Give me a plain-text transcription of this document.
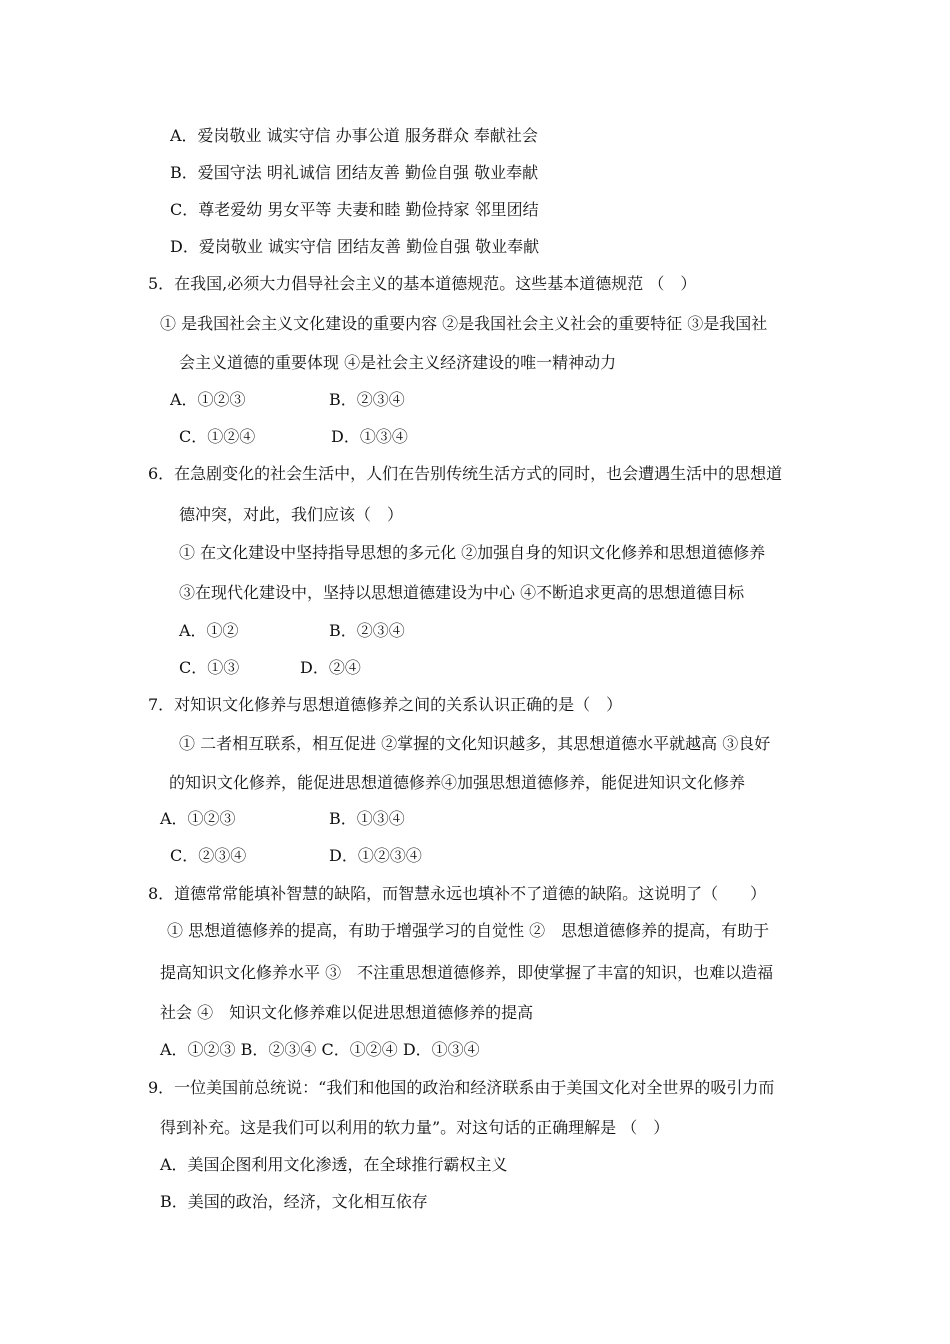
A．爱岗敬业 诚实守信 办事公道 服务群众 奉献社会
B．爱国守法 明礼诚信 团结友善 勤俭自强 敬业奉献
C．尊老爱幼 男女平等 夫妻和睦 勤俭持家 邻里团结
D．爱岗敬业 诚实守信 团结友善 勤俭自强 敬业奉献
5．在我国,必须大力倡导社会主义的基本道德规范。这些基本道德规范 （　）
① 是我国社会主义文化建设的重要内容 ②是我国社会主义社会的重要特征 ③是我国社
会主义道德的重要体现 ④是社会主义经济建设的唯一精神动力
A．①②③	B．②③④
C．①②④	D．①③④
6．在急剧变化的社会生活中，人们在告别传统生活方式的同时，也会遭遇生活中的思想道
德冲突，对此，我们应该（　）
① 在文化建设中坚持指导思想的多元化 ②加强自身的知识文化修养和思想道德修养
③在现代化建设中，坚持以思想道德建设为中心 ④不断追求更高的思想道德目标
A．①②	B．②③④
C．①③	D．②④
7．对知识文化修养与思想道德修养之间的关系认识正确的是（　）
① 二者相互联系，相互促进 ②掌握的文化知识越多，其思想道德水平就越高 ③良好
的知识文化修养，能促进思想道德修养④加强思想道德修养，能促进知识文化修养
A．①②③	B．①③④
C．②③④	D．①②③④
8．道德常常能填补智慧的缺陷，而智慧永远也填补不了道德的缺陷。这说明了（　　）
① 思想道德修养的提高，有助于增强学习的自觉性 ②　思想道德修养的提高，有助于
提高知识文化修养水平 ③　不注重思想道德修养，即使掌握了丰富的知识，也难以造福
社会 ④　知识文化修养难以促进思想道德修养的提高
A．①②③ B．②③④ C．①②④ D．①③④
9．一位美国前总统说：“我们和他国的政治和经济联系由于美国文化对全世界的吸引力而
得到补充。这是我们可以利用的软力量”。对这句话的正确理解是 （　）
A．美国企图利用文化渗透，在全球推行霸权主义
B．美国的政治，经济，文化相互依存
